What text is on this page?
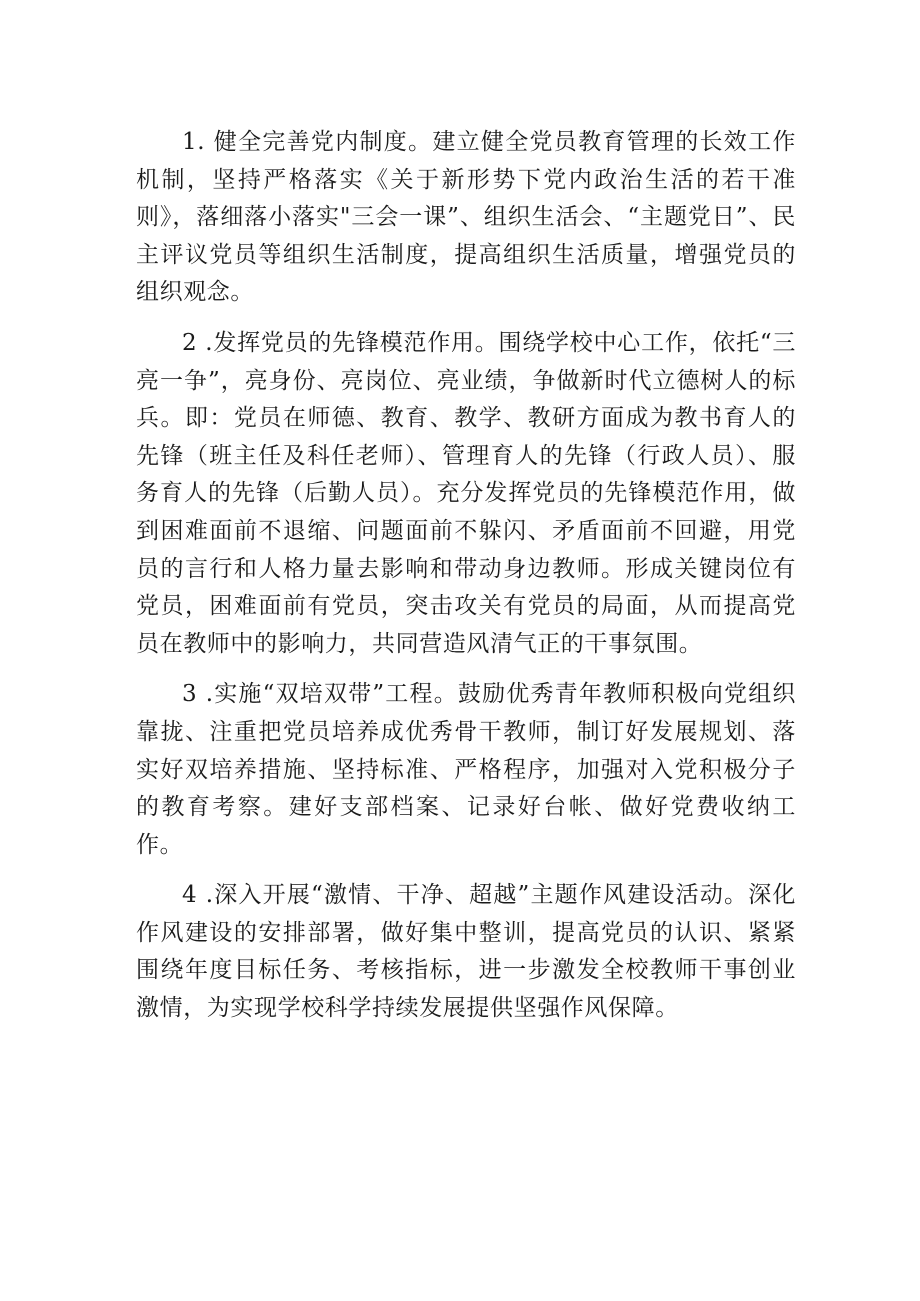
1. 健全完善党内制度。建立健全党员教育管理的长效工作机制，坚持严格落实《关于新形势下党内政治生活的若干准则》，落细落小落实"三会一课”、组织生活会、“主题党日”、民主评议党员等组织生活制度，提高组织生活质量，增强党员的组织观念。

2 .发挥党员的先锋模范作用。围绕学校中心工作，依托“三亮一争”，亮身份、亮岗位、亮业绩，争做新时代立德树人的标兵。即：党员在师德、教育、教学、教研方面成为教书育人的先锋（班主任及科任老师）、管理育人的先锋（行政人员）、服务育人的先锋（后勤人员）。充分发挥党员的先锋模范作用，做到困难面前不退缩、问题面前不躲闪、矛盾面前不回避，用党员的言行和人格力量去影响和带动身边教师。形成关键岗位有党员，困难面前有党员，突击攻关有党员的局面，从而提高党员在教师中的影响力，共同营造风清气正的干事氛围。

3 .实施“双培双带”工程。鼓励优秀青年教师积极向党组织靠拢、注重把党员培养成优秀骨干教师，制订好发展规划、落实好双培养措施、坚持标准、严格程序，加强对入党积极分子的教育考察。建好支部档案、记录好台帐、做好党费收纳工作。

4 .深入开展“激情、干净、超越”主题作风建设活动。深化作风建设的安排部署，做好集中整训，提高党员的认识、紧紧围绕年度目标任务、考核指标，进一步激发全校教师干事创业激情，为实现学校科学持续发展提供坚强作风保障。
